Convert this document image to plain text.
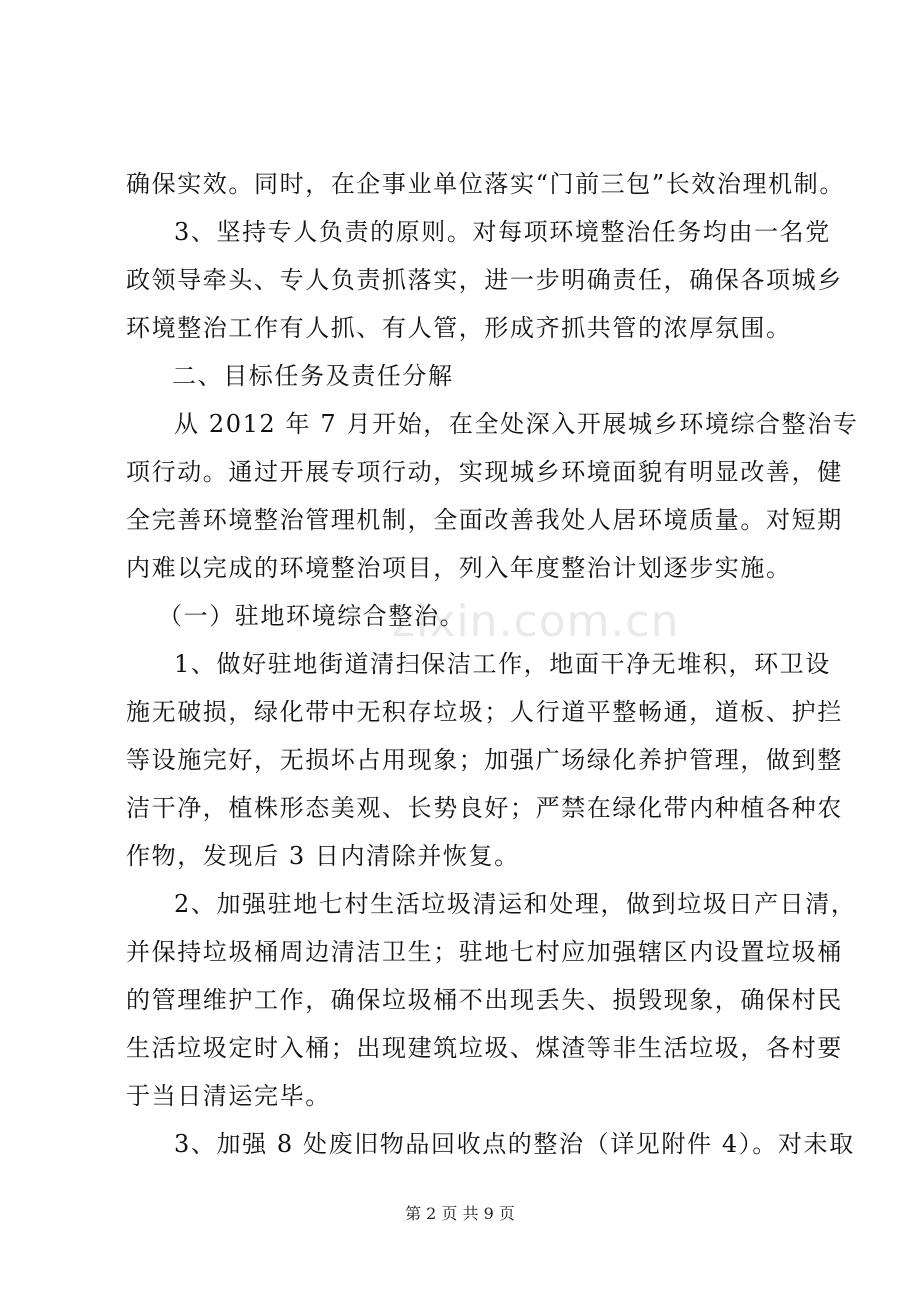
zixin.com.cn
确保实效。同时，在企事业单位落实“门前三包”长效治理机制。
3、坚持专人负责的原则。对每项环境整治任务均由一名党
政领导牵头、专人负责抓落实，进一步明确责任，确保各项城乡
环境整治工作有人抓、有人管，形成齐抓共管的浓厚氛围。
二、目标任务及责任分解
从 2012 年 7 月开始，在全处深入开展城乡环境综合整治专
项行动。通过开展专项行动，实现城乡环境面貌有明显改善，健
全完善环境整治管理机制，全面改善我处人居环境质量。对短期
内难以完成的环境整治项目，列入年度整治计划逐步实施。
（一）驻地环境综合整治。
1、做好驻地街道清扫保洁工作，地面干净无堆积，环卫设
施无破损，绿化带中无积存垃圾；人行道平整畅通，道板、护拦
等设施完好，无损坏占用现象；加强广场绿化养护管理，做到整
洁干净，植株形态美观、长势良好；严禁在绿化带内种植各种农
作物，发现后 3 日内清除并恢复。
2、加强驻地七村生活垃圾清运和处理，做到垃圾日产日清，
并保持垃圾桶周边清洁卫生；驻地七村应加强辖区内设置垃圾桶
的管理维护工作，确保垃圾桶不出现丢失、损毁现象，确保村民
生活垃圾定时入桶；出现建筑垃圾、煤渣等非生活垃圾，各村要
于当日清运完毕。
3、加强 8 处废旧物品回收点的整治（详见附件 4）。对未取
第 2 页 共 9 页
